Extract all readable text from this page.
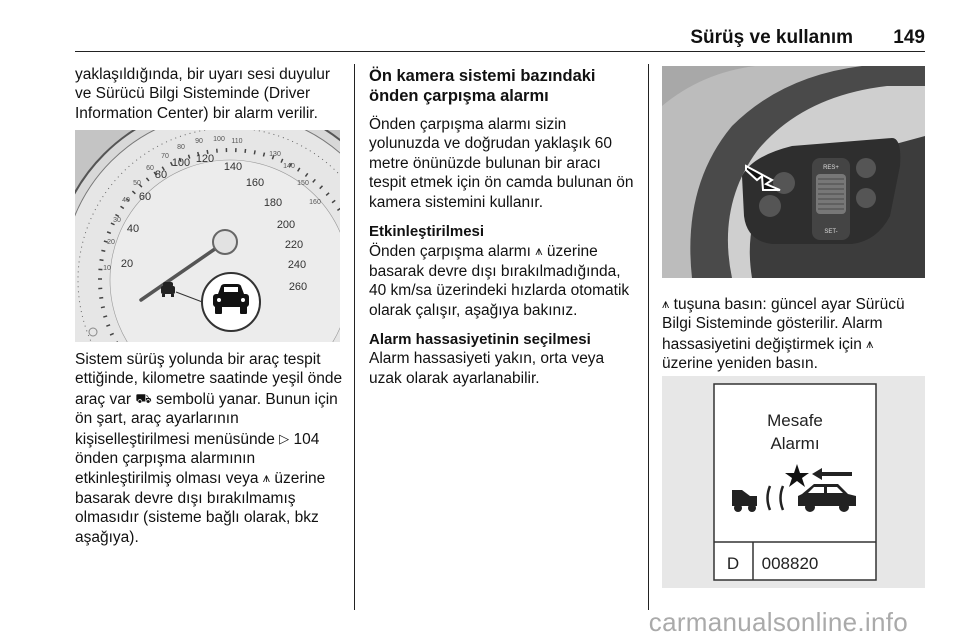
Sürüş ve kullanım 149

yaklaşıldığında, bir uyarı sesi duyulur ve Sürücü Bilgi Sisteminde (Driver Information Center) bir alarm verilir.

20
40
60
80
100 120
140
160
180
200
220
240
260
10
20
30
40
50
60
70
80
90 100 110
130
140
150
160

Sistem sürüş yolunda bir araç tespit ettiğinde, kilometre saatinde yeşil önde araç var ⛟ sembolü yanar. Bunun için ön şart, araç ayarlarının kişiselleştirilmesi menüsünde ▷ 104 önden çarpışma alarmının etkinleştirilmiş olması veya ⩚ üzerine basarak devre dışı bırakılmamış olmasıdır (sisteme bağlı olarak, bkz aşağıya).

Ön kamera sistemi bazındaki önden çarpışma alarmı

Önden çarpışma alarmı sizin yolunuzda ve doğrudan yaklaşık 60 metre önünüzde bulunan bir aracı tespit etmek için ön camda bulunan ön kamera sistemini kullanır.

Etkinleştirilmesi

Önden çarpışma alarmı ⩚ üzerine basarak devre dışı bırakılmadığında, 40 km/sa üzerindeki hızlarda otomatik olarak çalışır, aşağıya bakınız.

Alarm hassasiyetinin seçilmesi

Alarm hassasiyeti yakın, orta veya uzak olarak ayarlanabilir.

RES+
SET-

⩚ tuşuna basın: güncel ayar Sürücü Bilgi Sisteminde gösterilir. Alarm hassasiyetini değiştirmek için ⩚ üzerine yeniden basın.

Mesafe
Alarmı
D 008820
carmanualsonline.info
